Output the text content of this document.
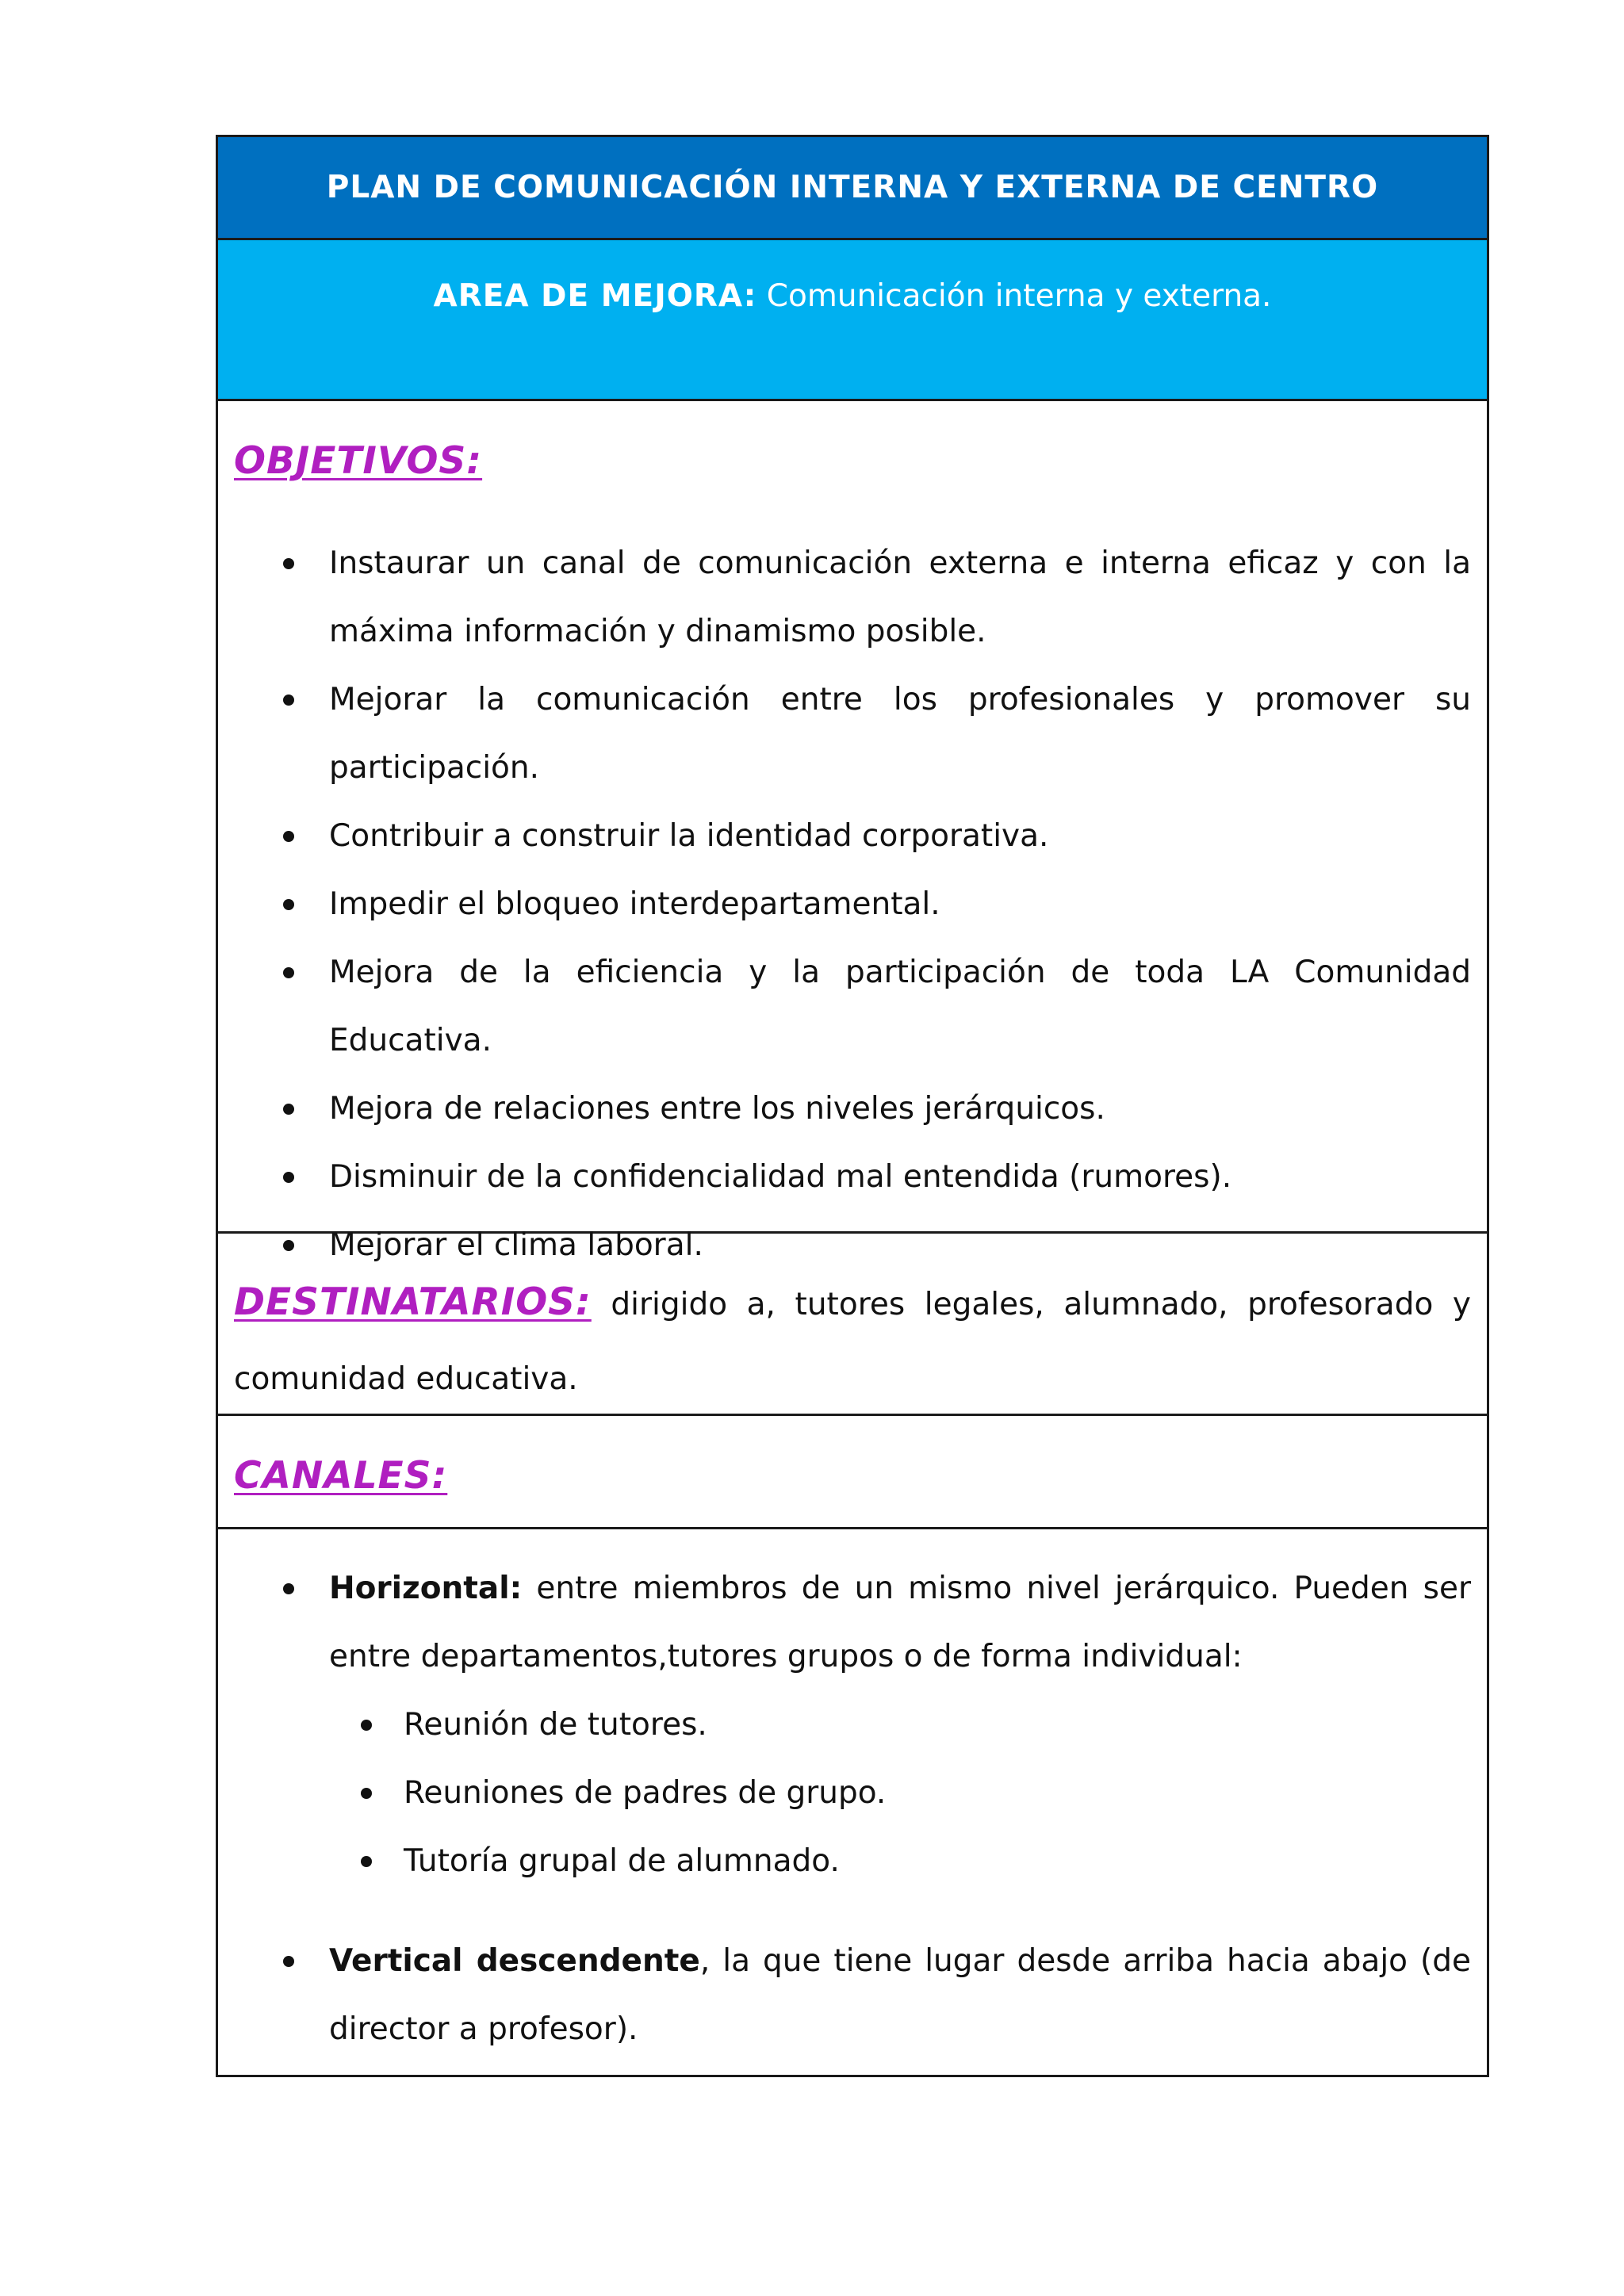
PLAN DE COMUNICACIÓN INTERNA Y EXTERNA DE CENTRO
AREA DE MEJORA: Comunicación interna y externa.
OBJETIVOS:
Instaurar un canal de comunicación externa e interna eficaz y con la máxima información y dinamismo posible.
Mejorar la comunicación entre los profesionales y promover su participación.
Contribuir a construir la identidad corporativa.
Impedir el bloqueo interdepartamental.
Mejora de la eficiencia y la participación de toda LA Comunidad Educativa.
Mejora de relaciones entre los niveles jerárquicos.
Disminuir de la confidencialidad mal entendida (rumores).
Mejorar el clima laboral.
DESTINATARIOS: dirigido a, tutores legales, alumnado, profesorado y comunidad educativa.
CANALES:
Horizontal: entre miembros de un mismo nivel jerárquico. Pueden ser entre departamentos,tutores grupos o de forma individual:
Reunión de tutores.
Reuniones de padres de grupo.
Tutoría grupal de alumnado.
Vertical descendente, la que tiene lugar desde arriba hacia abajo (de director a profesor).
